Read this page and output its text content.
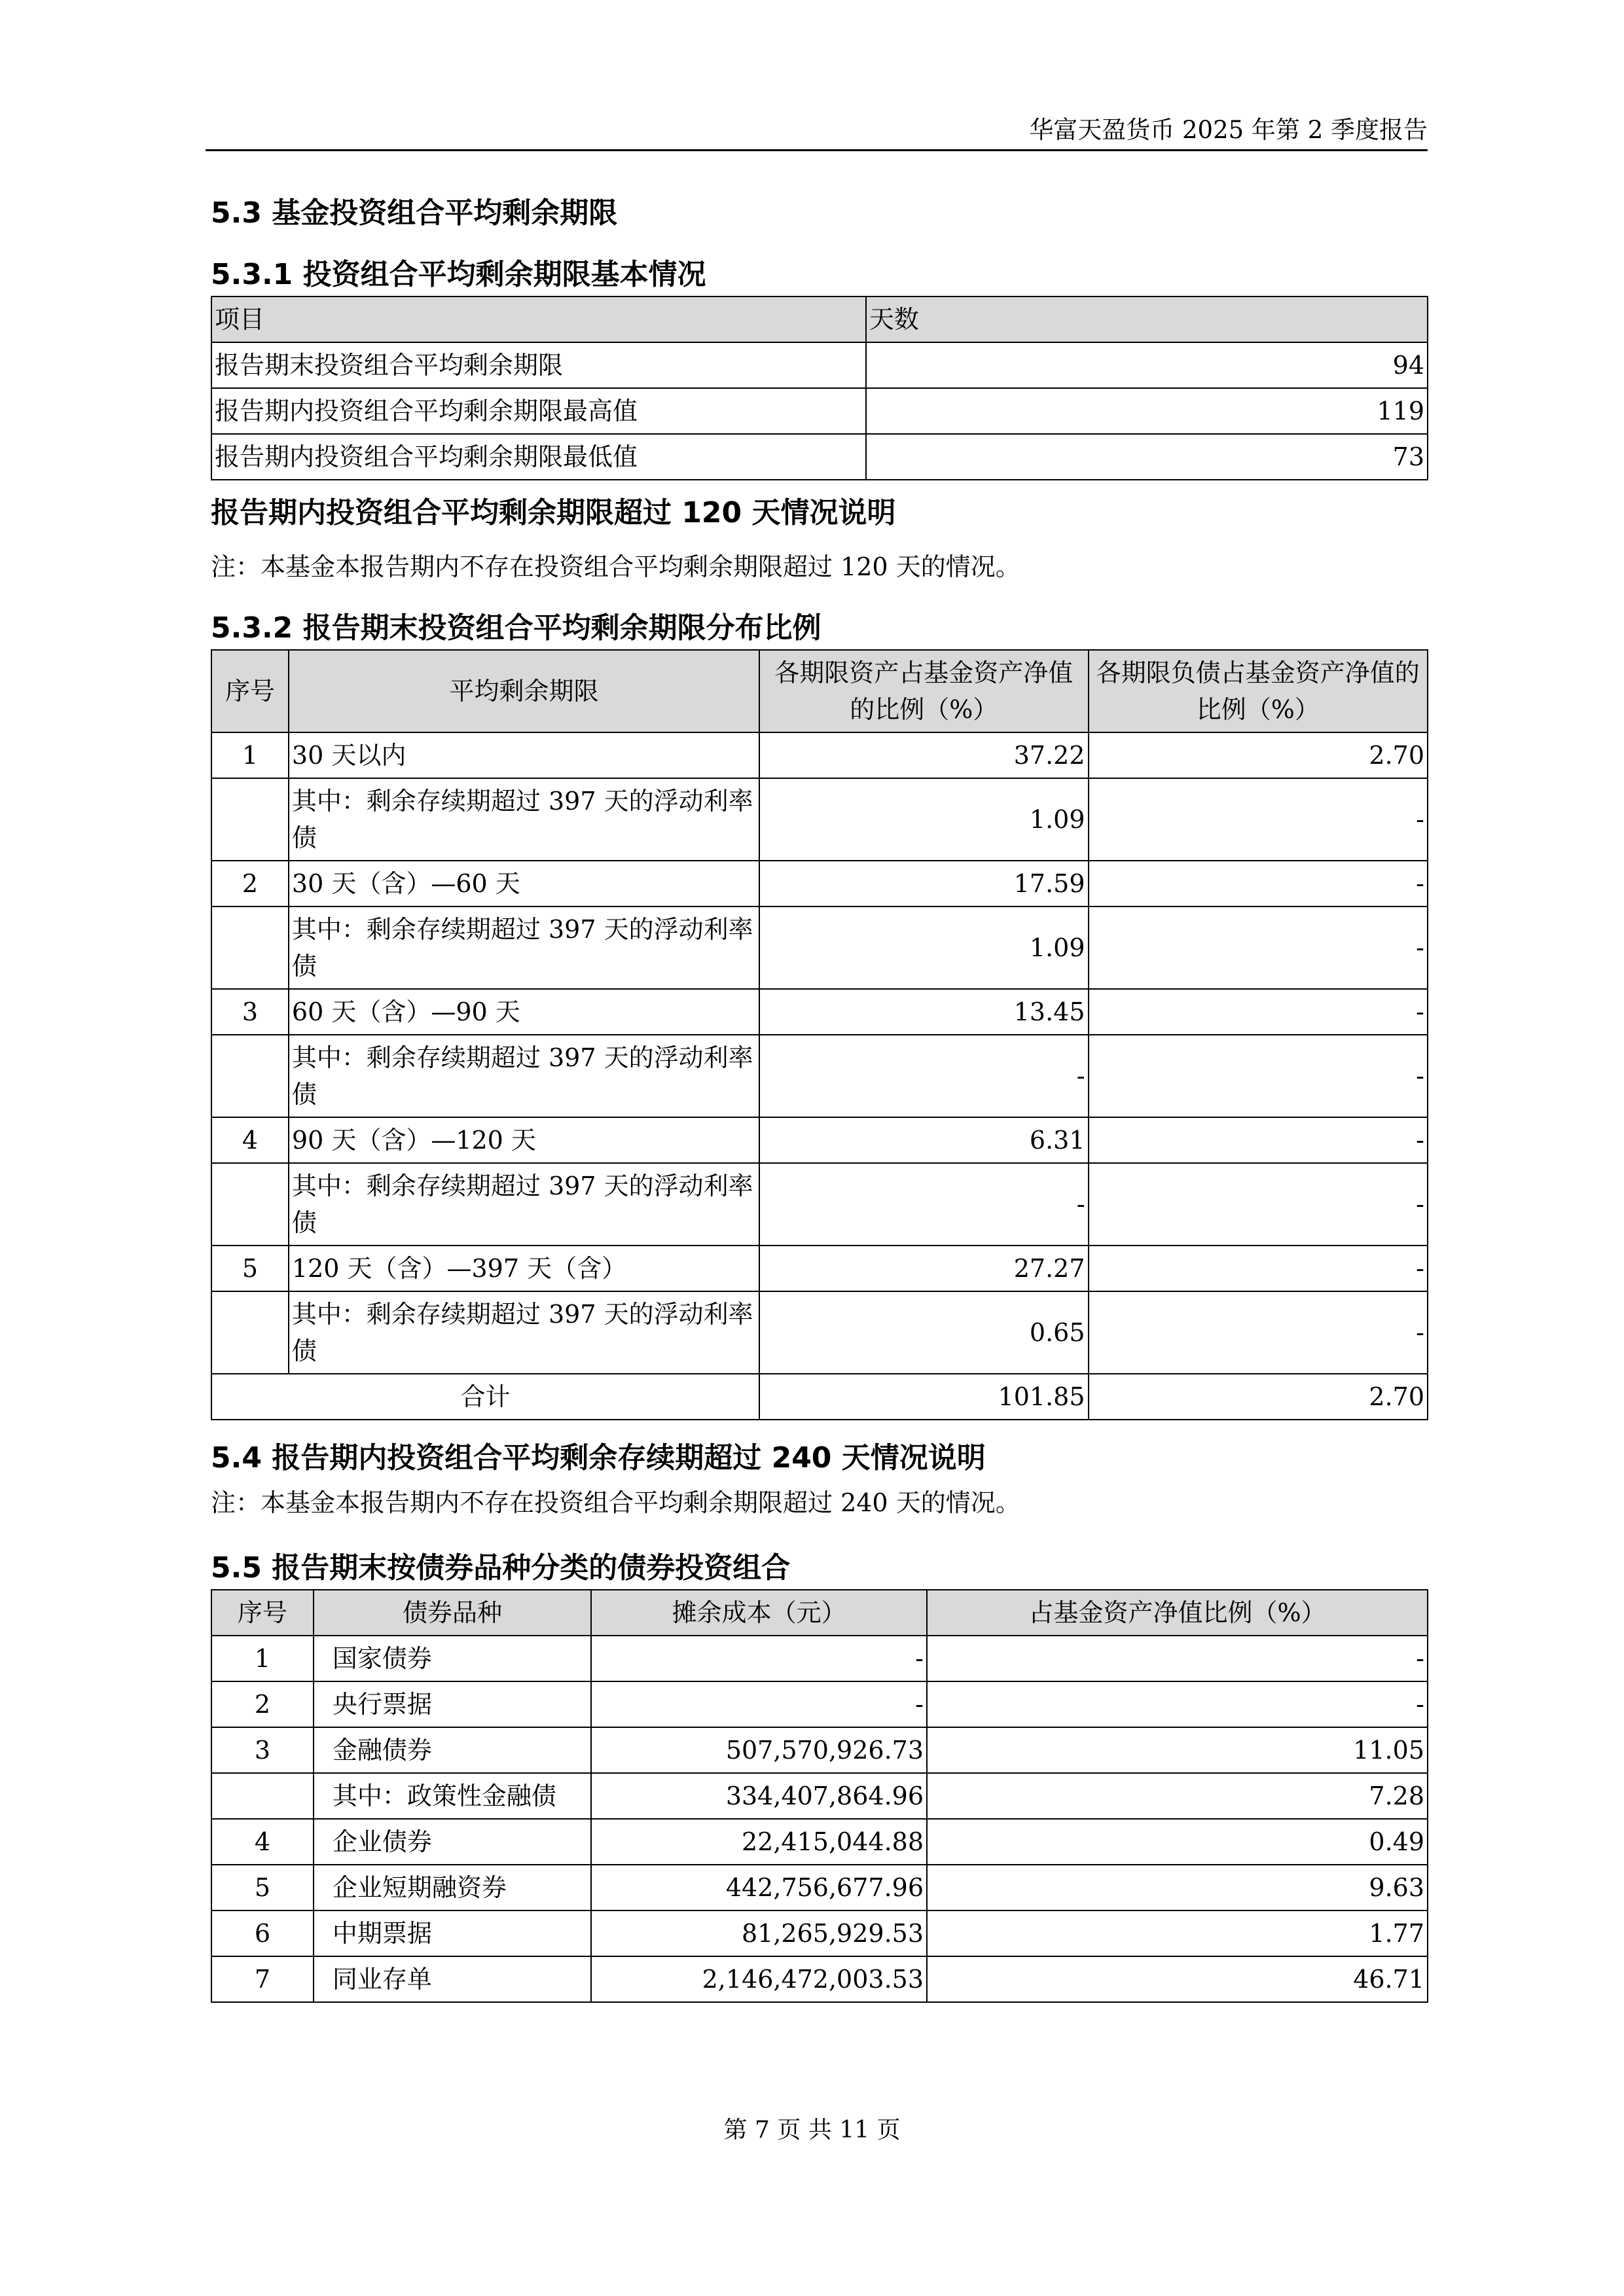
华富天盈货币 2025 年第 2 季度报告
5.3 基金投资组合平均剩余期限
5.3.1 投资组合平均剩余期限基本情况
项目	天数
报告期末投资组合平均剩余期限	94
报告期内投资组合平均剩余期限最高值	119
报告期内投资组合平均剩余期限最低值	73
报告期内投资组合平均剩余期限超过 120 天情况说明

注：本基金本报告期内不存在投资组合平均剩余期限超过 120 天的情况。

5.3.2 报告期末投资组合平均剩余期限分布比例
序号	平均剩余期限	各期限资产占基金资产净值的比例（%）	各期限负债占基金资产净值的比例（%）
1	30 天以内	37.22	2.70
	其中：剩余存续期超过 397 天的浮动利率债	1.09	-
2	30 天（含）—60 天	17.59	-
	其中：剩余存续期超过 397 天的浮动利率债	1.09	-
3	60 天（含）—90 天	13.45	-
	其中：剩余存续期超过 397 天的浮动利率债	-	-
4	90 天（含）—120 天	6.31	-
	其中：剩余存续期超过 397 天的浮动利率债	-	-
5	120 天（含）—397 天（含）	27.27	-
	其中：剩余存续期超过 397 天的浮动利率债	0.65	-
合计		101.85	2.70
5.4 报告期内投资组合平均剩余存续期超过 240 天情况说明

注：本基金本报告期内不存在投资组合平均剩余期限超过 240 天的情况。

5.5 报告期末按债券品种分类的债券投资组合
序号	债券品种	摊余成本（元）	占基金资产净值比例（%）
1	国家债券	-	-
2	央行票据	-	-
3	金融债券	507,570,926.73	11.05
	其中：政策性金融债	334,407,864.96	7.28
4	企业债券	22,415,044.88	0.49
5	企业短期融资券	442,756,677.96	9.63
6	中期票据	81,265,929.53	1.77
7	同业存单	2,146,472,003.53	46.71
第 7 页 共 11 页
